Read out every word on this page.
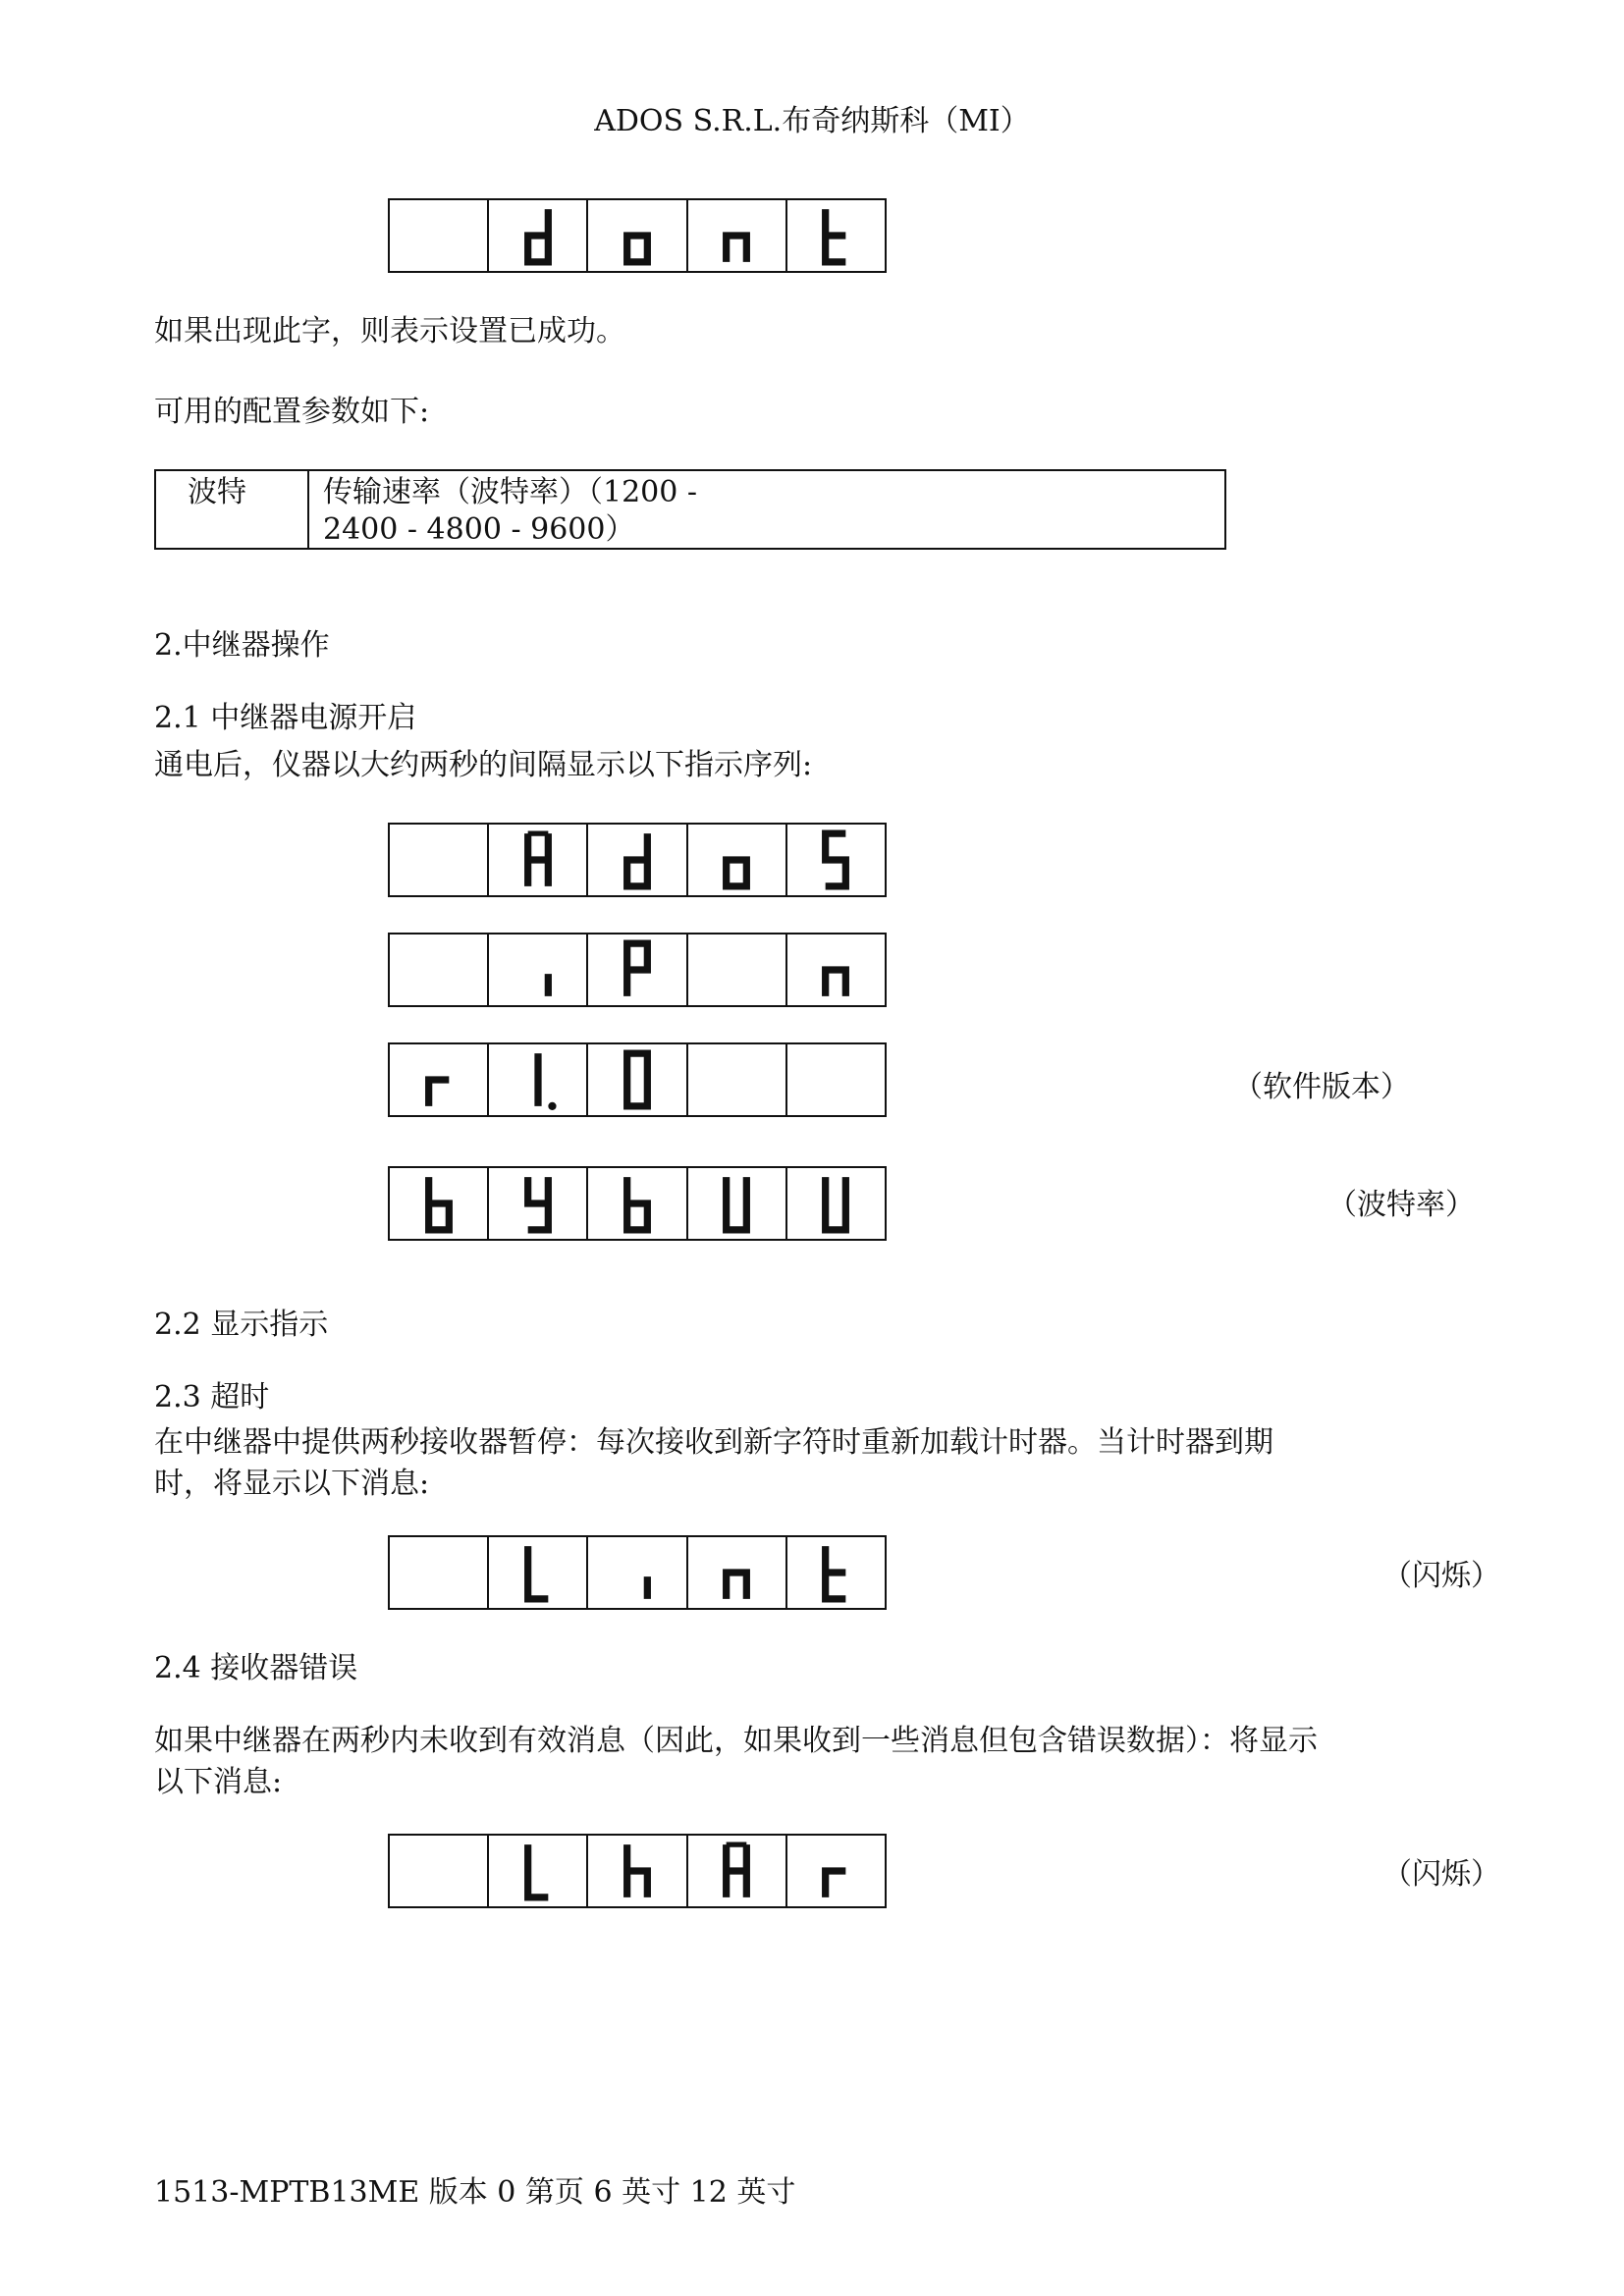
ADOS S.R.L.布奇纳斯科（MI）
如果出现此字，则表示设置已成功。
可用的配置参数如下:
波特	传输速率（波特率）（1200 -
2400 - 4800 - 9600）
2.中继器操作
2.1 中继器电源开启
通电后，仪器以大约两秒的间隔显示以下指示序列:
（软件版本）
（波特率）
2.2 显示指示
2.3 超时
在中继器中提供两秒接收器暂停：每次接收到新字符时重新加载计时器。当计时器到期
时，将显示以下消息:
（闪烁）
2.4 接收器错误
如果中继器在两秒内未收到有效消息（因此，如果收到一些消息但包含错误数据）：将显示
以下消息:
（闪烁）
1513-MPTB13ME 版本 0 第页 6 英寸 12 英寸
